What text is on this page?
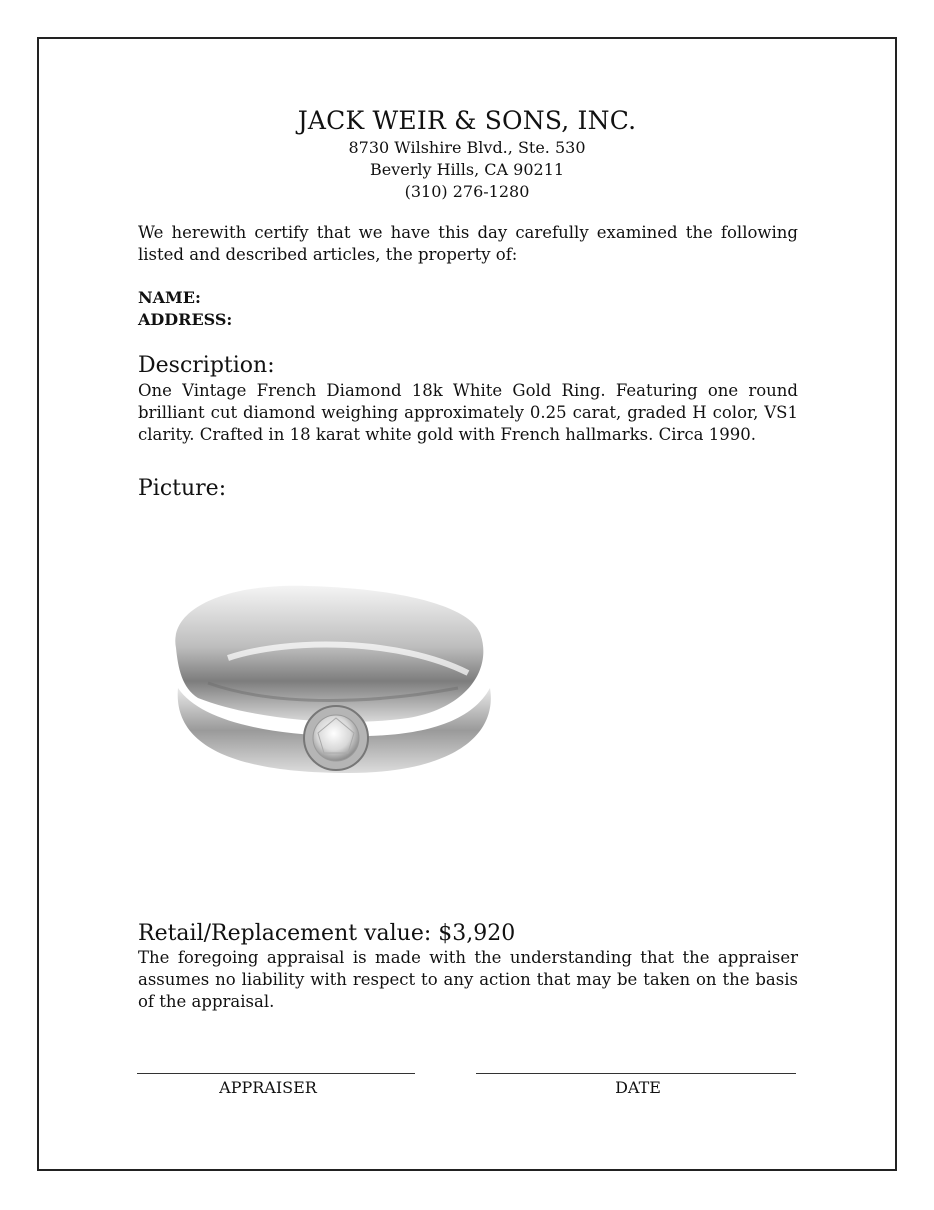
JACK WEIR & SONS, INC.
8730 Wilshire Blvd., Ste. 530
Beverly Hills, CA 90211
(310) 276-1280
We herewith certify that we have this day carefully examined the following listed and described articles, the property of:
NAME:
ADDRESS:
Description:
One Vintage French Diamond 18k White Gold Ring. Featuring one round brilliant cut diamond weighing approximately 0.25 carat, graded H color, VS1 clarity. Crafted in 18 karat white gold with French hallmarks. Circa 1990.
Picture:
Retail/Replacement value: $3,920
The foregoing appraisal is made with the understanding that the appraiser assumes no liability with respect to any action that may be taken on the basis of the appraisal.
APPRAISER	DATE
